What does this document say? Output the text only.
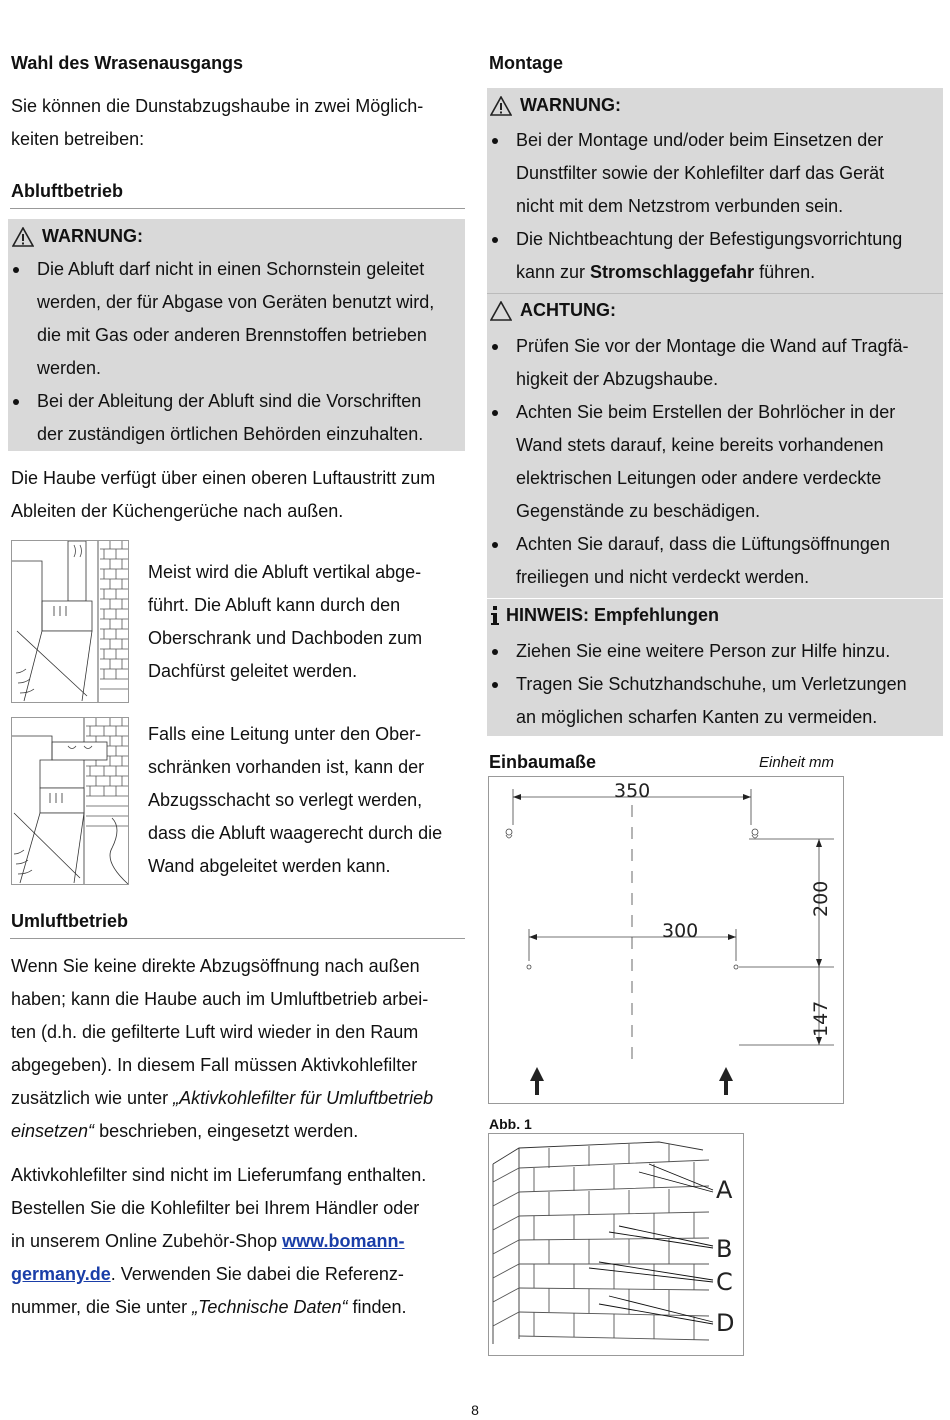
Wahl des Wrasenausgangs

Sie können die Dunstabzugshaube in zwei Möglich-
keiten betreiben:

Abluftbetrieb
WARNUNG:
Die Abluft darf nicht in einen Schornstein geleitet
werden, der für Abgase von Geräten benutzt wird,
die mit Gas oder anderen Brennstoffen betrieben
werden.
Bei der Ableitung der Abluft sind die Vorschriften
der zuständigen örtlichen Behörden einzuhalten.

Die Haube verfügt über einen oberen Luftaustritt zum
Ableiten der Küchengerüche nach außen.

Meist wird die Abluft vertikal abge-
führt. Die Abluft kann durch den
Oberschrank und Dachboden zum
Dachfürst geleitet werden.

Falls eine Leitung unter den Ober-
schränken vorhanden ist, kann der
Abzugsschacht so verlegt werden,
dass die Abluft waagerecht durch die
Wand abgeleitet werden kann.

Umluftbetrieb

Wenn Sie keine direkte Abzugsöffnung nach außen
haben; kann die Haube auch im Umluftbetrieb arbei-
ten (d.h. die gefilterte Luft wird wieder in den Raum
abgegeben). In diesem Fall müssen Aktivkohlefilter
zusätzlich wie unter „Aktivkohlefilter für Umluftbetrieb
einsetzen“ beschrieben, eingesetzt werden.

Aktivkohlefilter sind nicht im Lieferumfang enthalten.
Bestellen Sie die Kohlefilter bei Ihrem Händler oder
in unserem Online Zubehör-Shop www.bomann-
germany.de. Verwenden Sie dabei die Referenz-
nummer, die Sie unter „Technische Daten“ finden.

Montage
WARNUNG:
Bei der Montage und/oder beim Einsetzen der
Dunstfilter sowie der Kohlefilter darf das Gerät
nicht mit dem Netzstrom verbunden sein.
Die Nichtbeachtung der Befestigungsvorrichtung
kann zur Stromschlaggefahr führen.
ACHTUNG:
Prüfen Sie vor der Montage die Wand auf Tragfä-
higkeit der Abzugshaube.
Achten Sie beim Erstellen der Bohrlöcher in der
Wand stets darauf, keine bereits vorhandenen
elektrischen Leitungen oder andere verdeckte
Gegenstände zu beschädigen.
Achten Sie darauf, dass die Lüftungsöffnungen
freiliegen und nicht verdeckt werden.
HINWEIS: Empfehlungen
Ziehen Sie eine weitere Person zur Hilfe hinzu.
Tragen Sie Schutzhandschuhe, um Verletzungen
an möglichen scharfen Kanten zu vermeiden.
Einbaumaße	Einheit mm
350
300
200
147
Abb. 1
A
B
C
D
8
